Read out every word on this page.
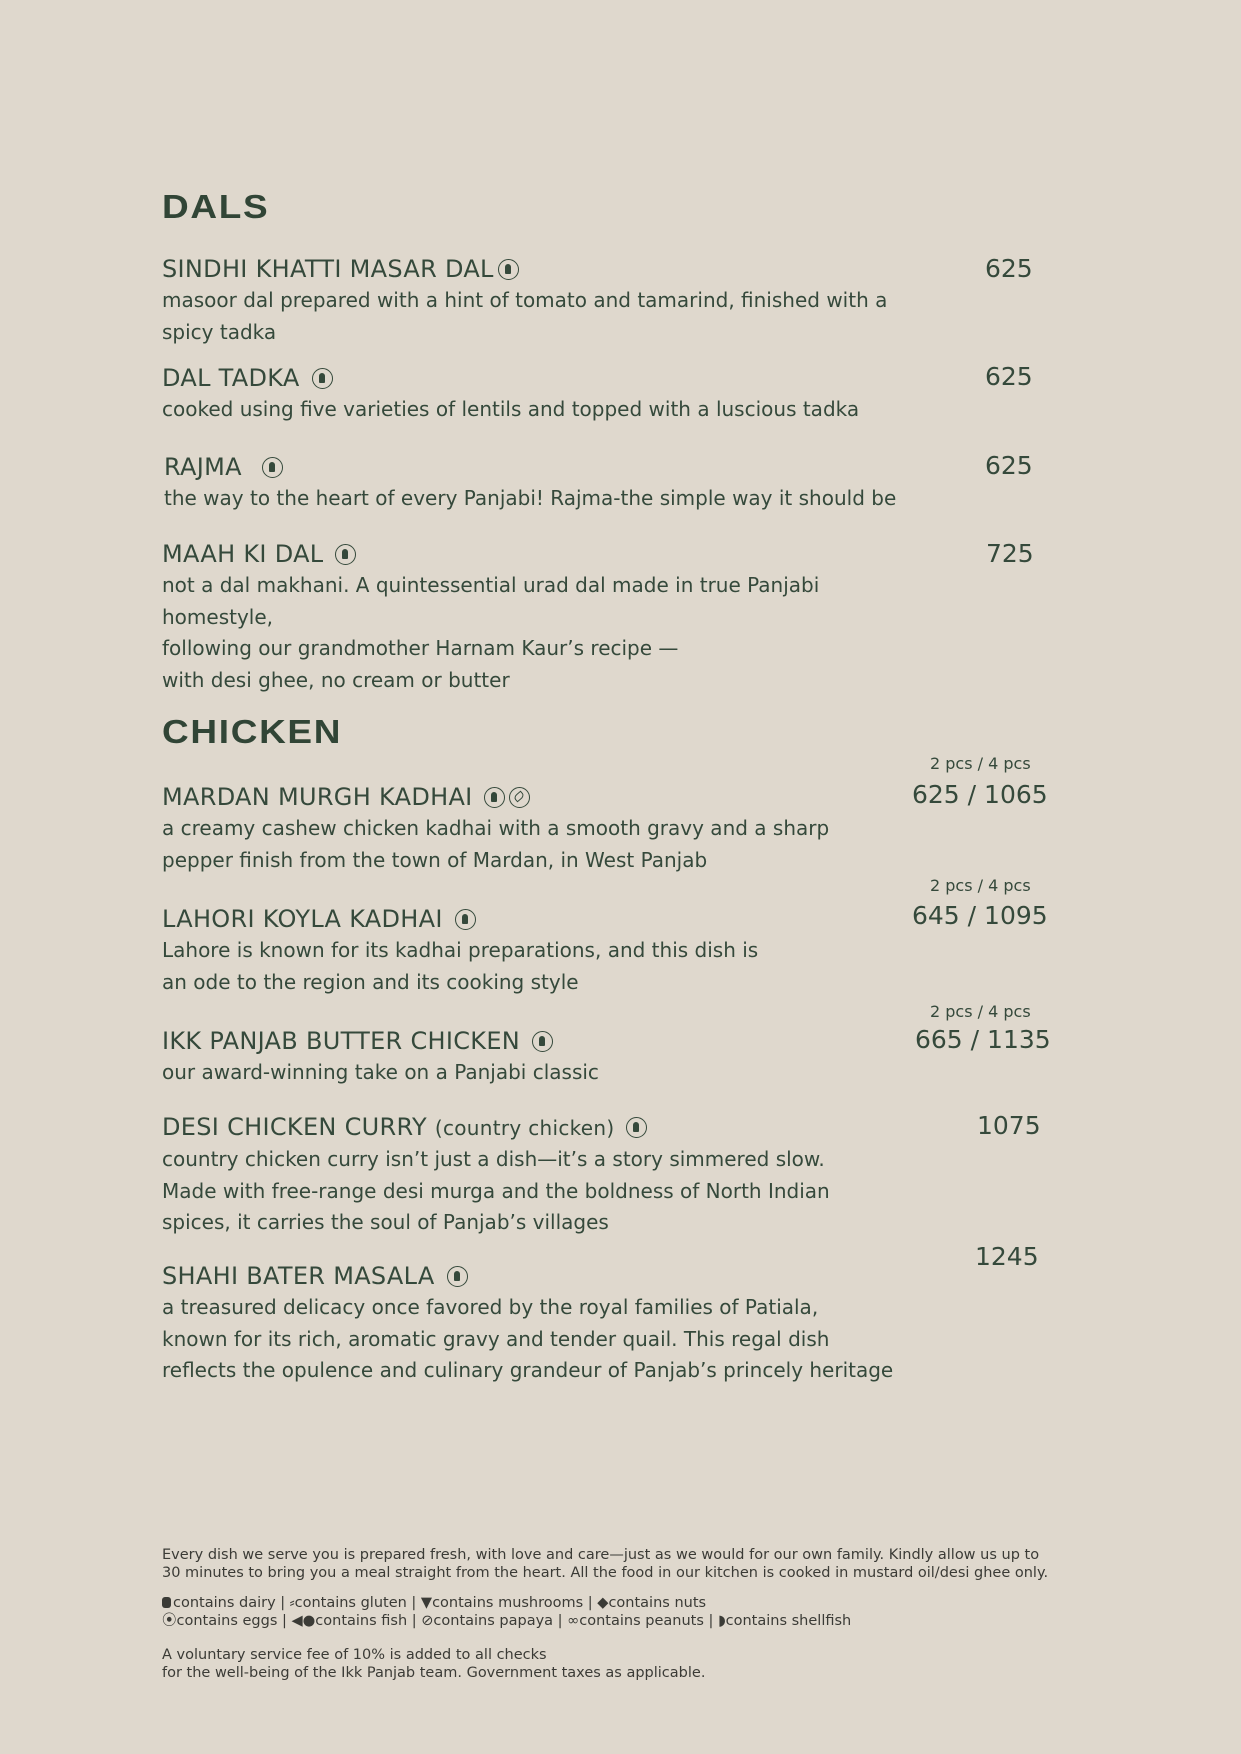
DALS
SINDHI KHATTI MASAR DAL
masoor dal prepared with a hint of tomato and tamarind, finished with a
spicy tadka
625
DAL TADKA
cooked using five varieties of lentils and topped with a luscious tadka
625
RAJMA
the way to the heart of every Panjabi! Rajma-the simple way it should be
625
MAAH KI DAL
not a dal makhani. A quintessential urad dal made in true Panjabi homestyle,
following our grandmother Harnam Kaur’s recipe —
with desi ghee, no cream or butter
725
CHICKEN
2 pcs / 4 pcs
MARDAN MURGH KADHAI
a creamy cashew chicken kadhai with a smooth gravy and a sharp
pepper finish from the town of Mardan, in West Panjab
625 / 1065
2 pcs / 4 pcs
LAHORI KOYLA KADHAI
Lahore is known for its kadhai preparations, and this dish is
an ode to the region and its cooking style
645 / 1095
2 pcs / 4 pcs
IKK PANJAB BUTTER CHICKEN
our award-winning take on a Panjabi classic
665 / 1135
DESI CHICKEN CURRY (country chicken)
country chicken curry isn’t just a dish—it’s a story simmered slow.
Made with free-range desi murga and the boldness of North Indian
spices, it carries the soul of Panjab’s villages
1075
1245
SHAHI BATER MASALA
a treasured delicacy once favored by the royal families of Patiala,
known for its rich, aromatic gravy and tender quail. This regal dish
reflects the opulence and culinary grandeur of Panjab’s princely heritage

Every dish we serve you is prepared fresh, with love and care—just as we would for our own family. Kindly allow us up to
30 minutes to bring you a meal straight from the heart. All the food in our kitchen is cooked in mustard oil/desi ghee only.

contains dairy | ⸗contains gluten | ▼contains mushrooms | ◆contains nuts
⦿contains eggs | ◀●contains fish | ⊘contains papaya | ∞contains peanuts | ◗contains shellfish

A voluntary service fee of 10% is added to all checks
for the well-being of the Ikk Panjab team. Government taxes as applicable.
